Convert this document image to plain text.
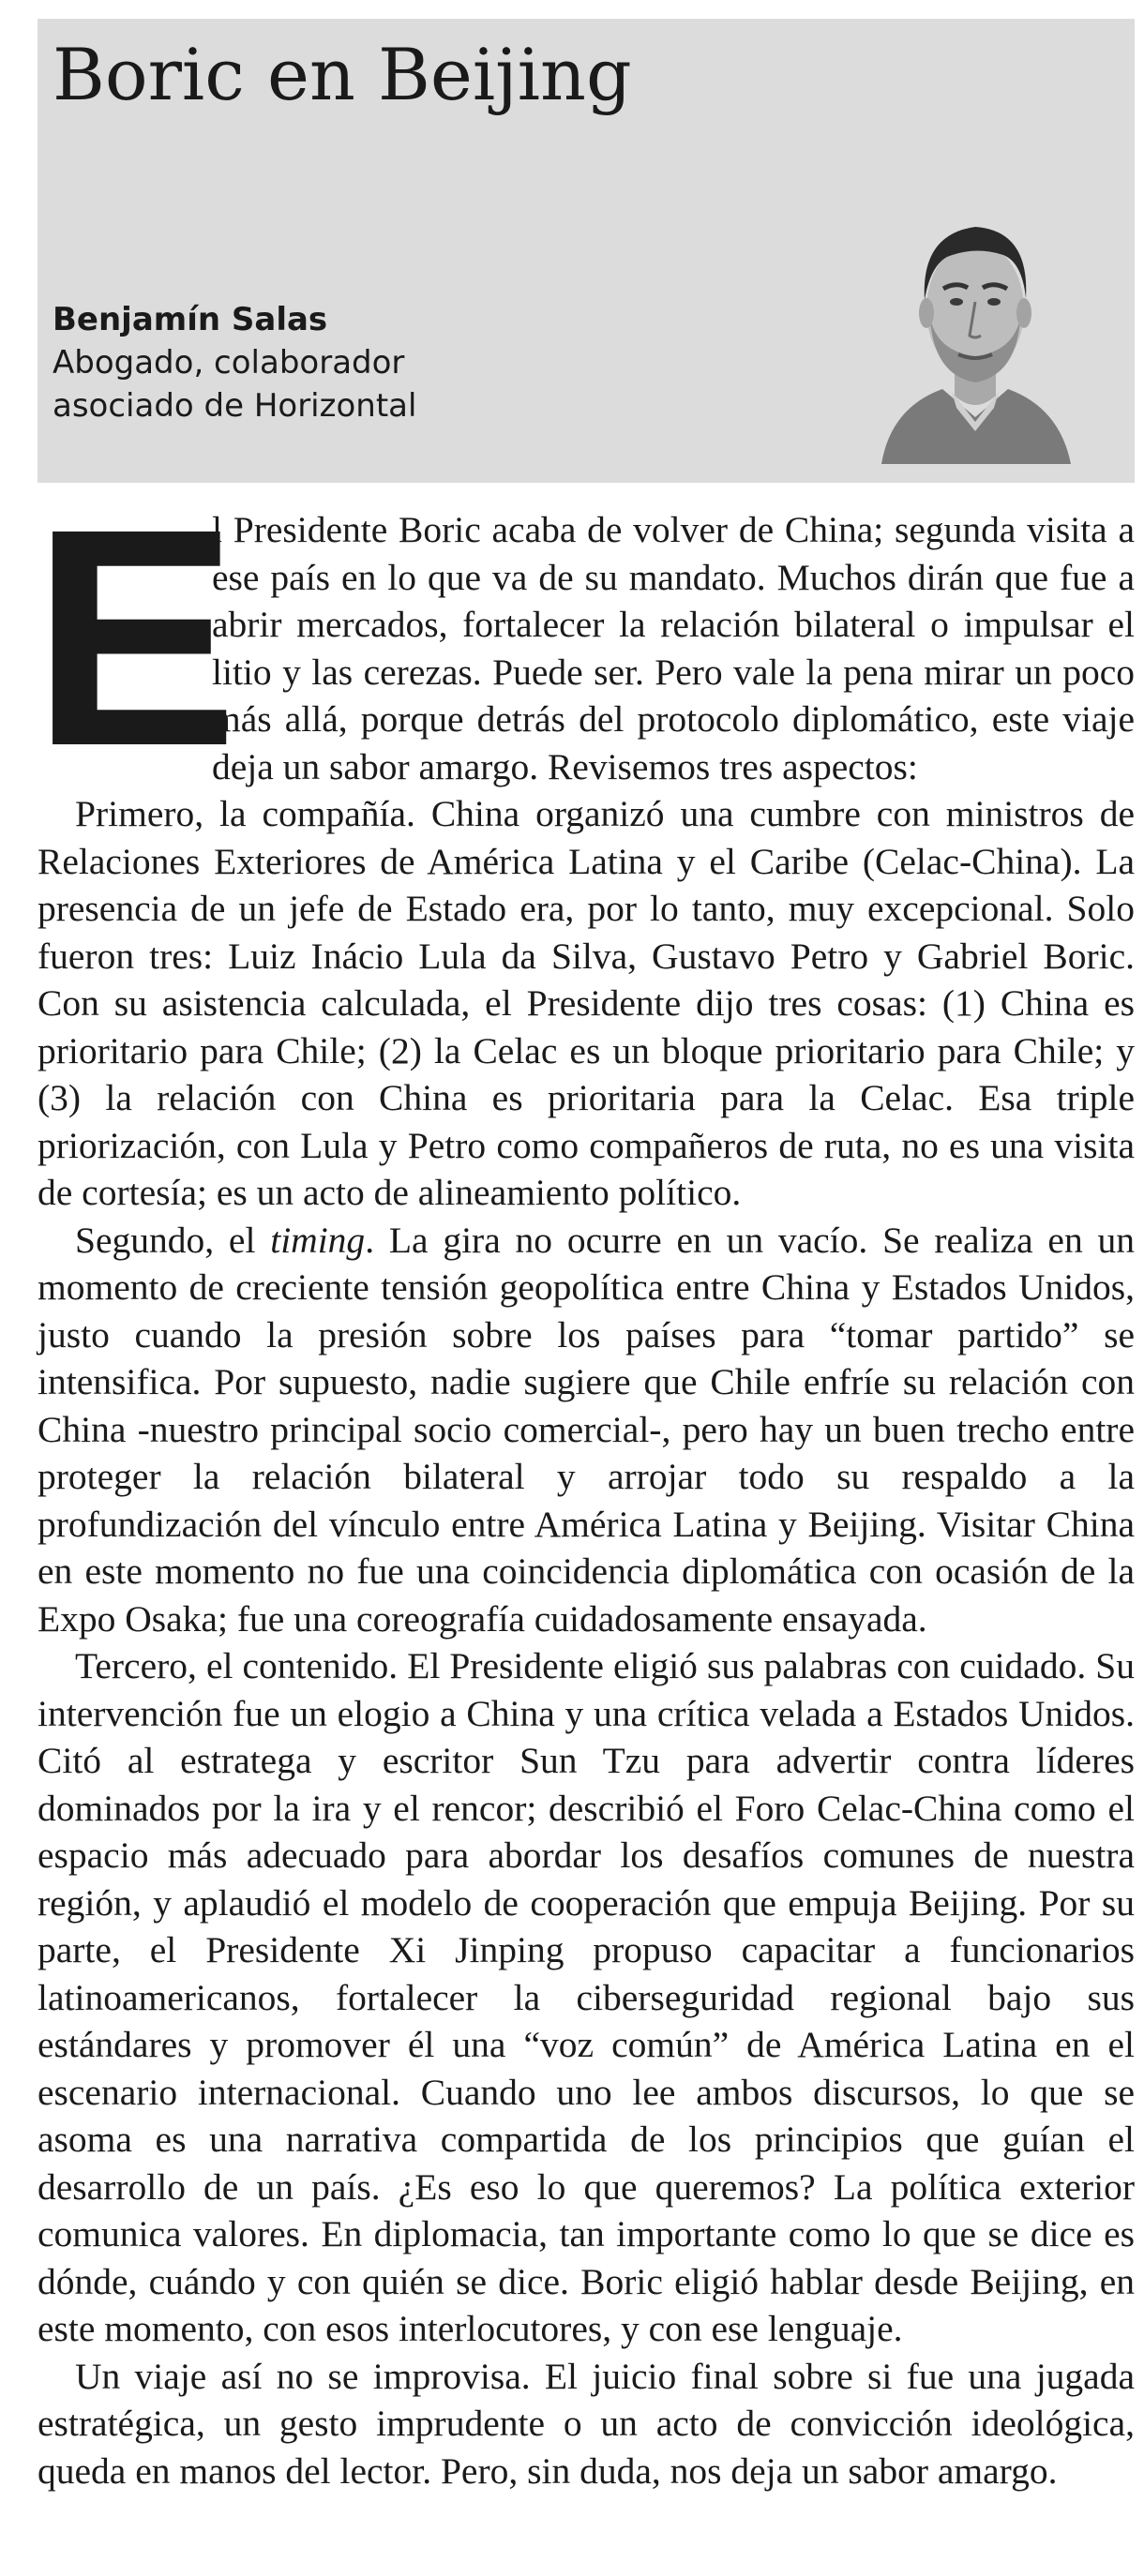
Boric en Beijing
Benjamín Salas
Abogado, colaborador
asociado de Horizontal

E
l Presidente Boric acaba de volver de China; segunda visita a ese país en lo que va de su mandato. Muchos dirán que fue a abrir mercados, fortalecer la relación bilateral o impulsar el litio y las cerezas. Puede ser. Pero vale la pena mirar un poco más allá, porque detrás del protocolo diplomático, este viaje deja un sabor amargo. Revisemos tres aspectos:

Primero, la compañía. China organizó una cumbre con ministros de Relaciones Exteriores de América Latina y el Caribe (Celac-China). La presencia de un jefe de Estado era, por lo tanto, muy excepcional. Solo fueron tres: Luiz Inácio Lula da Silva, Gustavo Petro y Gabriel Boric. Con su asistencia calculada, el Presidente dijo tres cosas: (1) China es prioritario para Chile; (2) la Celac es un bloque prioritario para Chile; y (3) la relación con China es prioritaria para la Celac. Esa triple priorización, con Lula y Petro como compañeros de ruta, no es una visita de cortesía; es un acto de alineamiento político.

Segundo, el timing. La gira no ocurre en un vacío. Se realiza en un momento de creciente tensión geopolítica entre China y Estados Unidos, justo cuando la presión sobre los países para “tomar partido” se intensifica. Por supuesto, nadie sugiere que Chile enfríe su relación con China -nuestro principal socio comercial-, pero hay un buen trecho entre proteger la relación bilateral y arrojar todo su respaldo a la profundización del vínculo entre América Latina y Beijing. Visitar China en este momento no fue una coincidencia diplomática con ocasión de la Expo Osaka; fue una coreografía cuidadosamente ensayada.

Tercero, el contenido. El Presidente eligió sus palabras con cuidado. Su intervención fue un elogio a China y una crítica velada a Estados Unidos. Citó al estratega y escritor Sun Tzu para advertir contra líderes dominados por la ira y el rencor; describió el Foro Celac-China como el espacio más adecuado para abordar los desafíos comunes de nuestra región, y aplaudió el modelo de cooperación que empuja Beijing. Por su parte, el Presidente Xi Jinping propuso capacitar a funcionarios latinoamericanos, fortalecer la ciberseguridad regional bajo sus estándares y promover él una “voz común” de América Latina en el escenario internacional. Cuando uno lee ambos discursos, lo que se asoma es una narrativa compartida de los principios que guían el desarrollo de un país. ¿Es eso lo que queremos? La política exterior comunica valores. En diplomacia, tan importante como lo que se dice es dónde, cuándo y con quién se dice. Boric eligió hablar desde Beijing, en este momento, con esos interlocutores, y con ese lenguaje.

Un viaje así no se improvisa. El juicio final sobre si fue una jugada estratégica, un gesto imprudente o un acto de convicción ideológica, queda en manos del lector. Pero, sin duda, nos deja un sabor amargo.
